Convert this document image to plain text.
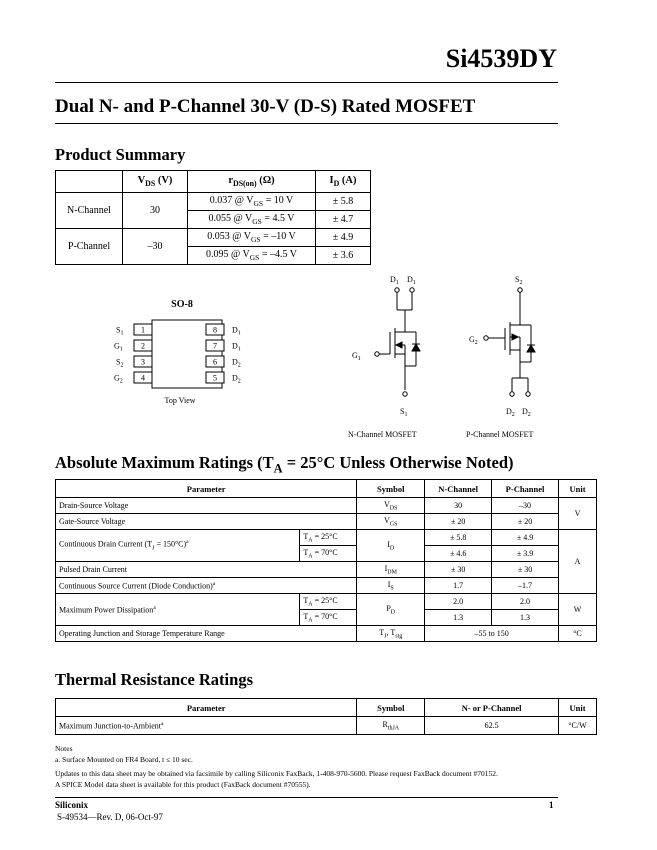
Si4539DY
Dual N- and P-Channel 30-V (D-S) Rated MOSFET
Product Summary
	$V_{DS}$ (V)	$r_{DS(on)}$ (Ω)	$I_D$ (A)
N-Channel	30	0.037 @ $V_{GS} = 10$ V	± 5.8
		0.055 @ $V_{GS} = 4.5$ V	± 4.7
P-Channel	–30	0.053 @ $V_{GS} = -10$ V	± 4.9
		0.095 @ $V_{GS} = -4.5$ V	± 3.6
SO-8
1
$S_1$
2
$G_1$
3
$S_2$
4
$G_2$
8 $D_1$
7 $D_1$
6 $D_2$
5 $D_2$
Top View
$D_1$ $D_1$
$G_1$
$S_1$
N-Channel MOSFET
$S_2$
$G_2$
$D_2$ $D_2$
P-Channel MOSFET
Absolute Maximum Ratings ($T_A = 25^\circ C$ Unless Otherwise Noted)
Parameter		Symbol	N-Channel	P-Channel	Unit
Drain-Source Voltage		$V_{DS}$	30	–30	V
Gate-Source Voltage		$V_{GS}$	± 20	± 20	
Continuous Drain Current $(T_J = 150^\circ C)^a$	$T_A = 25^\circ C$	$I_D$	± 5.8	± 4.9	A
	$T_A = 70^\circ C$		± 4.6	± 3.9	
Pulsed Drain Current		$I_{DM}$	± 30	± 30	
Continuous Source Current (Diode Conduction)$^a$		$I_S$	1.7	–1.7	
Maximum Power Dissipation$^a$	$T_A = 25^\circ C$	$P_D$	2.0	2.0	W
	$T_A = 70^\circ C$		1.3	1.3	
Operating Junction and Storage Temperature Range		$T_J$, $T_{stg}$	–55 to 150		°C
Thermal Resistance Ratings
Parameter	Symbol	N- or P-Channel	Unit
Maximum Junction-to-Ambient$^a$	$R_{thJA}$	62.5	°C/W
Notes
a. Surface Mounted on FR4 Board, t ≤ 10 sec.
Updates to this data sheet may be obtained via facsimile by calling Siliconix FaxBack, 1-408-970-5600. Please request FaxBack document #70152.
A SPICE Model data sheet is available for this product (FaxBack document #70555).
Siliconix	1
S-49534—Rev. D, 06-Oct-97
